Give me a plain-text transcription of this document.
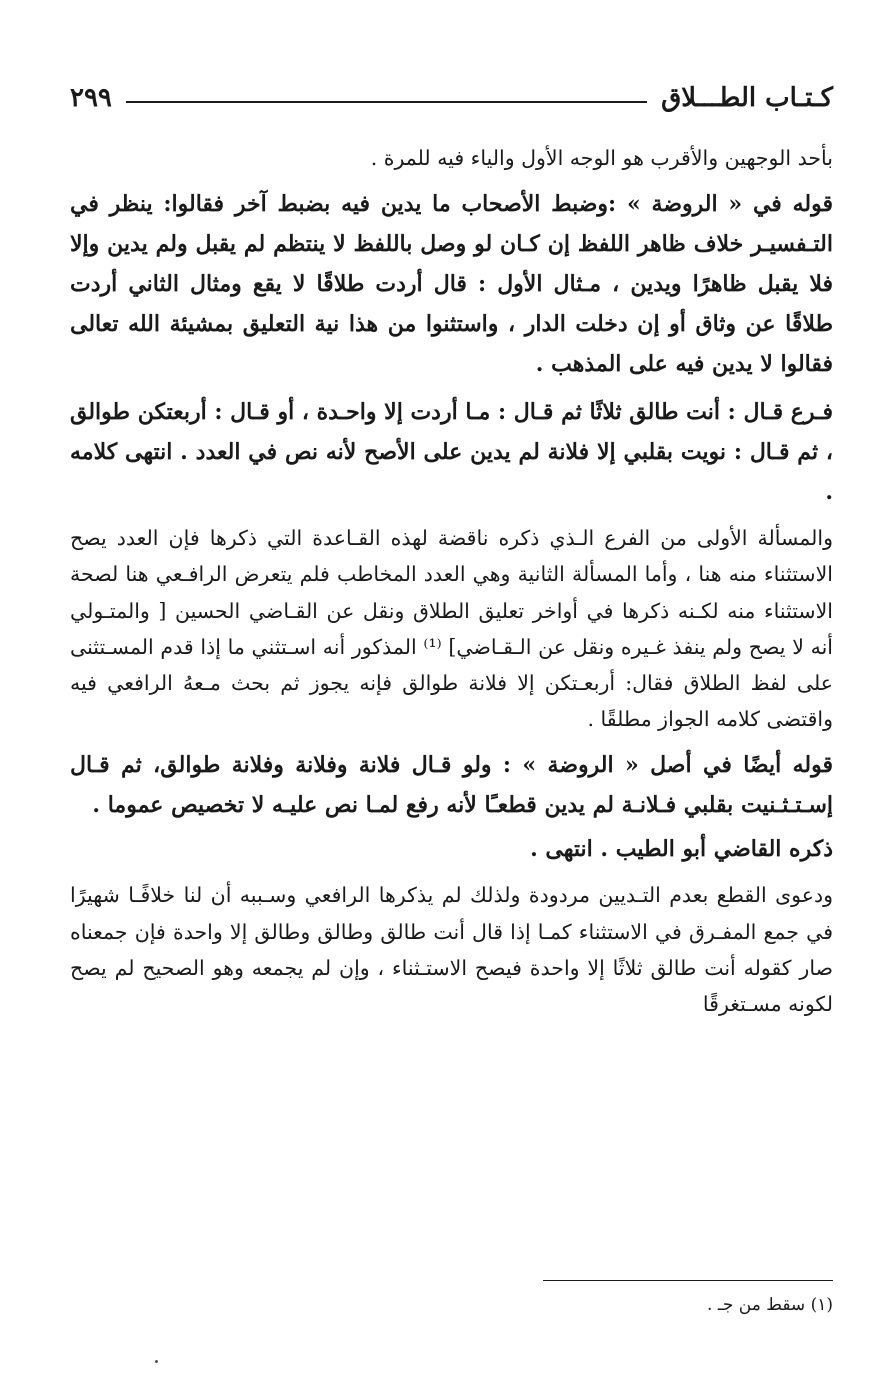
كـتـاب الطـــلاق
٢٩٩

بأحد الوجهين والأقرب هو الوجه الأول والياء فيه للمرة .

قوله في « الروضة » :وضبط الأصحاب ما يدين فيه بضبط آخر فقالوا: ينظر في التـفسيـر خلاف ظاهر اللفظ إن كـان لو وصل باللفظ لا ينتظم لم يقبل ولم يدين وإلا فلا يقبل ظاهرًا ويدين ، مـثال الأول : قال أردت طلاقًا لا يقع ومثال الثاني أردت طلاقًا عن وثاق أو إن دخلت الدار ، واستثنوا من هذا نية التعليق بمشيئة الله تعالى فقالوا لا يدين فيه على المذهب .

فـرع قـال : أنت طالق ثلاثًا ثم قـال : مـا أردت إلا واحـدة ، أو قـال : أربعتكن طوالق ، ثم قـال : نويت بقلبي إلا فلانة لم يدين على الأصح لأنه نص في العدد . انتهى كلامه .

والمسألة الأولى من الفرع الـذي ذكره ناقضة لهذه القـاعدة التي ذكرها فإن العدد يصح الاستثناء منه هنا ، وأما المسألة الثانية وهي العدد المخاطب فلم يتعرض الرافـعي هنا لصحة الاستثناء منه لكـنه ذكرها في أواخر تعليق الطلاق ونقل عن القـاضي الحسين [ والمتـولي أنه لا يصح ولم ينفذ غـيره ونقل عن الـقـاضي] ⁽¹⁾ المذكور أنه اسـتثني ما إذا قدم المسـتثنى على لفظ الطلاق فقال: أربعـتكن إلا فلانة طوالق فإنه يجوز ثم بحث مـعهُ الرافعي فيه واقتضى كلامه الجواز مطلقًا .

قوله أيضًا في أصل « الروضة » : ولو قـال فلانة وفلانة وفلانة طوالق، ثم قـال إسـتـثـنيت بقلبي فـلانـة لم يدين قطعـًا لأنه رفع لمـا نص عليـه لا تخصيص عموما .

ذكره القاضي أبو الطيب . انتهى .

ودعوى القطع بعدم التـديين مردودة ولذلك لم يذكرها الرافعي وسـببه أن لنا خلافًـا شهيرًا في جمع المفـرق في الاستثناء كمـا إذا قال أنت طالق وطالق وطالق إلا واحدة فإن جمعناه صار كقوله أنت طالق ثلاثًا إلا واحدة فيصح الاستـثناء ، وإن لم يجمعه وهو الصحيح لم يصح لكونه مسـتغرقًا

(١) سقط من جـ .
